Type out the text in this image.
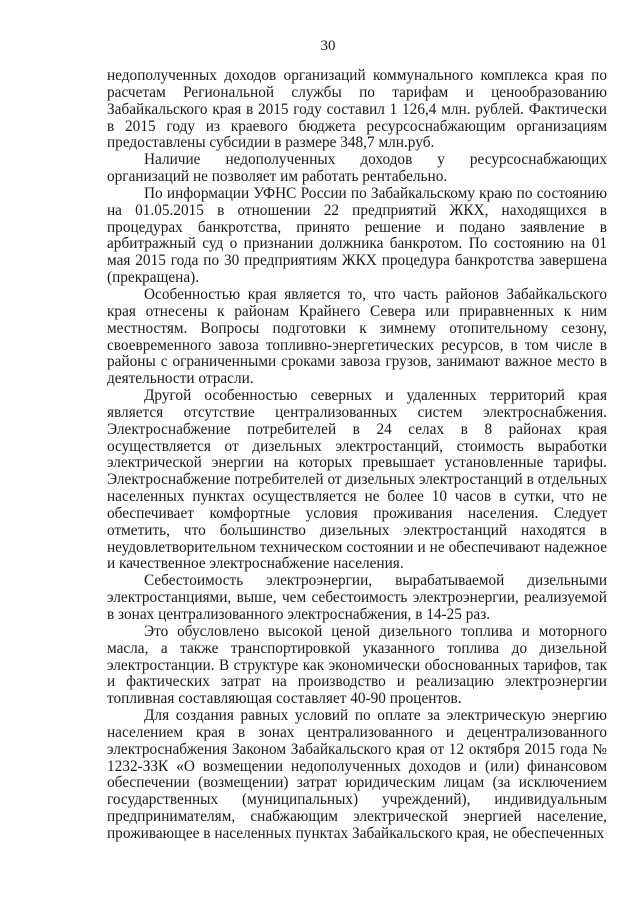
30

недополученных доходов организаций коммунального комплекса края по расчетам Региональной службы по тарифам и ценообразованию Забайкальского края в 2015 году составил 1 126,4 млн. рублей. Фактически в 2015 году из краевого бюджета ресурсоснабжающим организациям предоставлены субсидии в размере 348,7 млн.руб.

Наличие недополученных доходов у ресурсоснабжающих организаций не позволяет им работать рентабельно.

По информации УФНС России по Забайкальскому краю по состоянию на 01.05.2015 в отношении 22 предприятий ЖКХ, находящихся в процедурах банкротства, принято решение и подано заявление в арбитражный суд о признании должника банкротом. По состоянию на 01 мая 2015 года по 30 предприятиям ЖКХ процедура банкротства завершена (прекращена).

Особенностью края является то, что часть районов Забайкальского края отнесены к районам Крайнего Севера или приравненных к ним местностям. Вопросы подготовки к зимнему отопительному сезону, своевременного завоза топливно-энергетических ресурсов, в том числе в районы с ограниченными сроками завоза грузов, занимают важное место в деятельности отрасли.

Другой особенностью северных и удаленных территорий края является отсутствие централизованных систем электроснабжения. Электроснабжение потребителей в 24 селах в 8 районах края осуществляется от дизельных электростанций, стоимость выработки электрической энергии на которых превышает установленные тарифы. Электроснабжение потребителей от дизельных электростанций в отдельных населенных пунктах осуществляется не более 10 часов в сутки, что не обеспечивает комфортные условия проживания населения. Следует отметить, что большинство дизельных электростанций находятся в неудовлетворительном техническом состоянии и не обеспечивают надежное и качественное электроснабжение населения.

Себестоимость электроэнергии, вырабатываемой дизельными электростанциями, выше, чем себестоимость электроэнергии, реализуемой в зонах централизованного электроснабжения, в 14-25 раз.

Это обусловлено высокой ценой дизельного топлива и моторного масла, а также транспортировкой указанного топлива до дизельной электростанции. В структуре как экономически обоснованных тарифов, так и фактических затрат на производство и реализацию электроэнергии топливная составляющая составляет 40-90 процентов.

Для создания равных условий по оплате за электрическую энергию населением края в зонах централизованного и децентрализованного электроснабжения Законом Забайкальского края от 12 октября 2015 года № 1232-ЗЗК «О возмещении недополученных доходов и (или) финансовом обеспечении (возмещении) затрат юридическим лицам (за исключением государственных (муниципальных) учреждений), индивидуальным предпринимателям, снабжающим электрической энергией население, проживающее в населенных пунктах Забайкальского края, не обеспеченных
